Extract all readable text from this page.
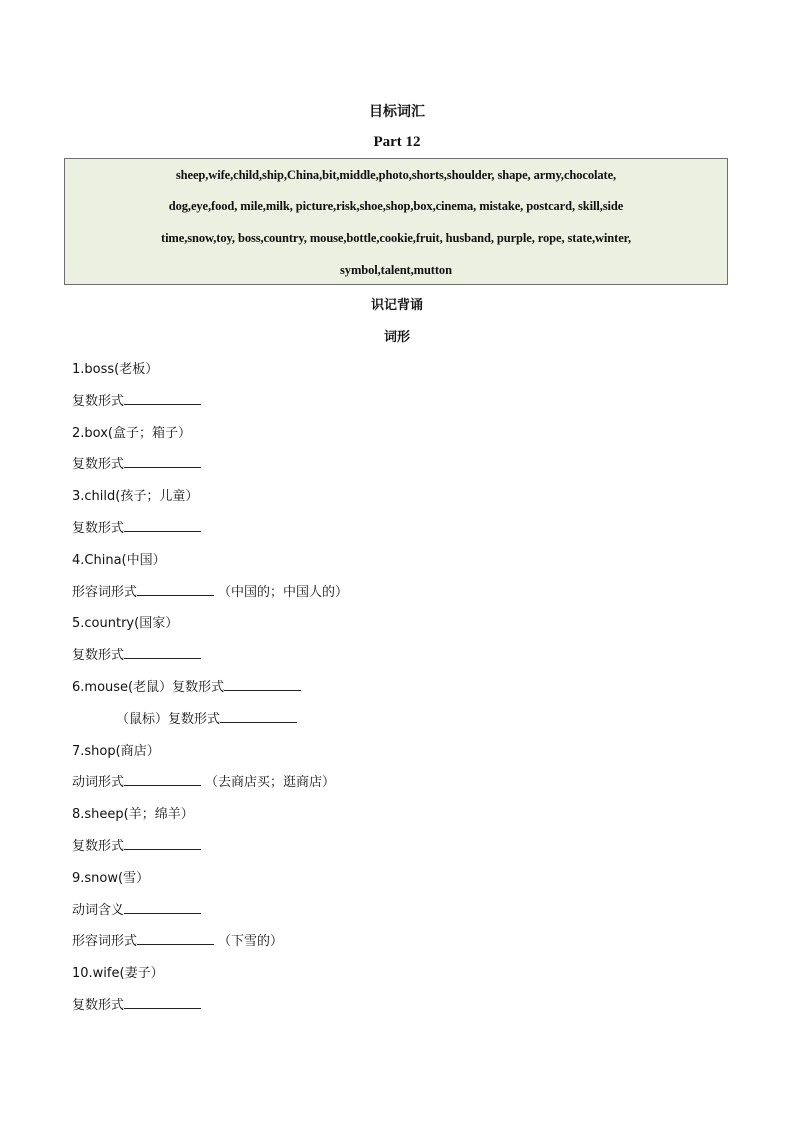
目标词汇
Part 12
sheep,wife,child,ship,China,bit,middle,photo,shorts,shoulder, shape, army,chocolate,
dog,eye,food, mile,milk, picture,risk,shoe,shop,box,cinema, mistake, postcard, skill,side
time,snow,toy, boss,country, mouse,bottle,cookie,fruit, husband, purple, rope, state,winter,
symbol,talent,mutton
识记背诵
词形
1.boss(老板）
复数形式
2.box(盒子；箱子）
复数形式
3.child(孩子；儿童）
复数形式
4.China(中国）
形容词形式	（中国的；中国人的）
5.country(国家）
复数形式
6.mouse(老鼠）复数形式
（鼠标）复数形式
7.shop(商店）
动词形式	（去商店买；逛商店）
8.sheep(羊；绵羊）
复数形式
9.snow(雪）
动词含义
形容词形式	（下雪的）
10.wife(妻子）
复数形式
